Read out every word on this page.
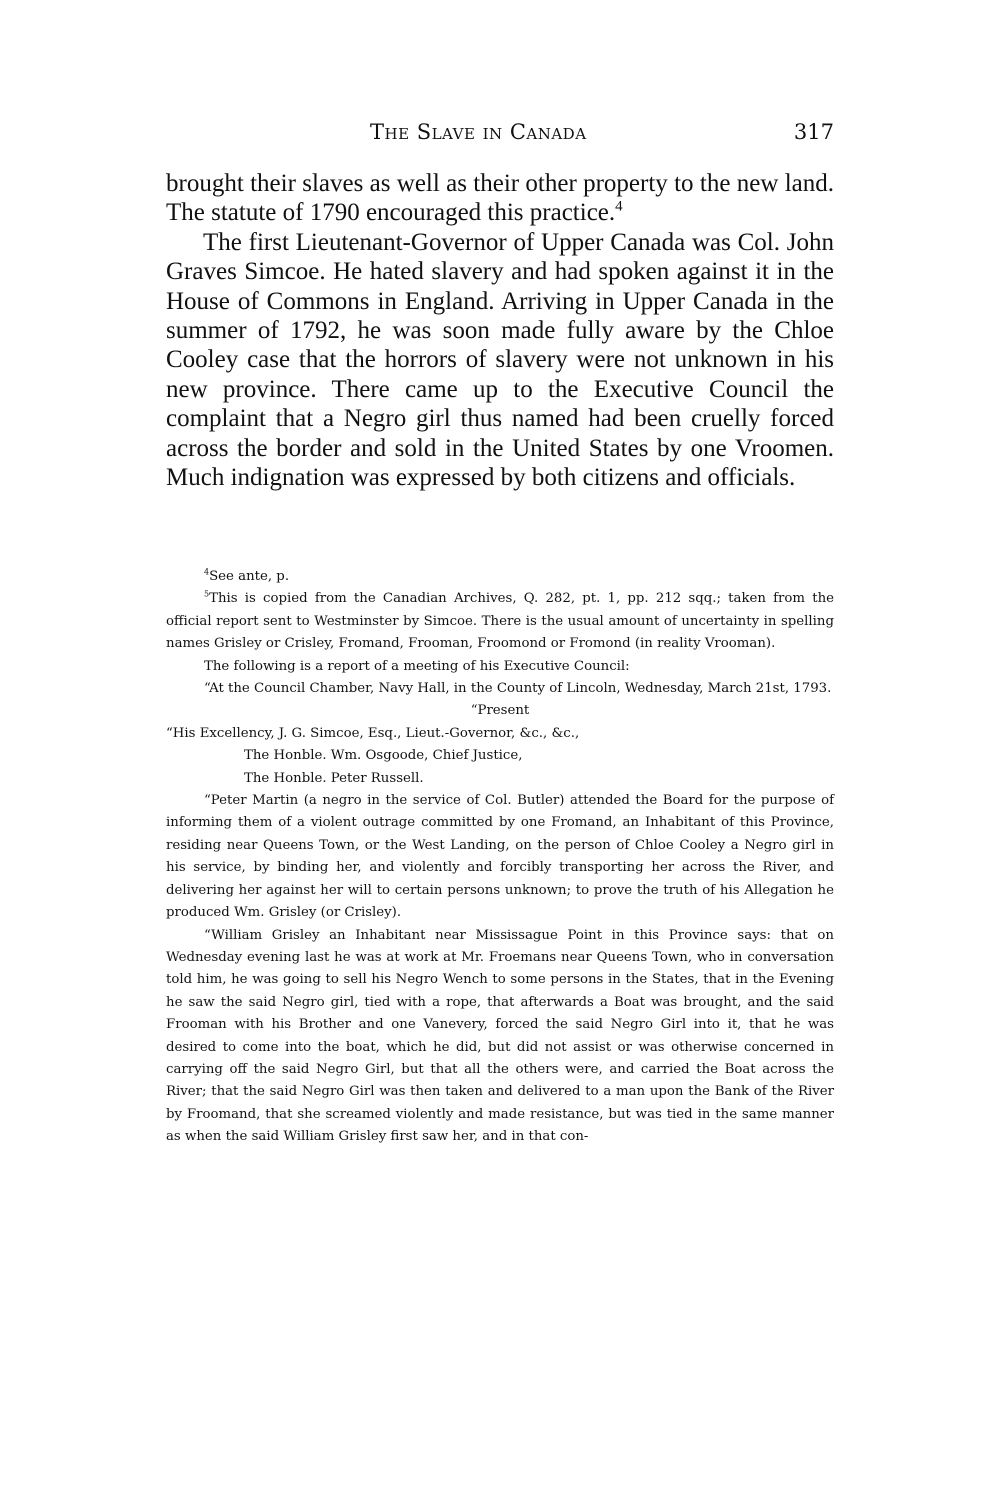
The Slave in Canada	317

brought their slaves as well as their other property to the new land. The statute of 1790 encouraged this practice.$^4$

The first Lieutenant-Governor of Upper Canada was Col. John Graves Simcoe. He hated slavery and had spoken against it in the House of Commons in England. Arriving in Upper Canada in the summer of 1792, he was soon made fully aware by the Chloe Cooley case that the horrors of slavery were not unknown in his new province. There came up to the Executive Council the complaint that a Negro girl thus named had been cruelly forced across the border and sold in the United States by one Vroomen. Much indignation was expressed by both citizens and officials.

$^4$See ante, p.

$^5$This is copied from the Canadian Archives, Q. 282, pt. 1, pp. 212 sqq.; taken from the official report sent to Westminster by Simcoe. There is the usual amount of uncertainty in spelling names Grisley or Crisley, Fromand, Frooman, Froomond or Fromond (in reality Vrooman).

The following is a report of a meeting of his Executive Council:

“At the Council Chamber, Navy Hall, in the County of Lincoln, Wednesday, March 21st, 1793.

“Present

“His Excellency, J. G. Simcoe, Esq., Lieut.-Governor, &c., &c.,

The Honble. Wm. Osgoode, Chief Justice,

The Honble. Peter Russell.

“Peter Martin (a negro in the service of Col. Butler) attended the Board for the purpose of informing them of a violent outrage committed by one Fromand, an Inhabitant of this Province, residing near Queens Town, or the West Landing, on the person of Chloe Cooley a Negro girl in his service, by binding her, and violently and forcibly transporting her across the River, and delivering her against her will to certain persons unknown; to prove the truth of his Allegation he produced Wm. Grisley (or Crisley).

“William Grisley an Inhabitant near Mississague Point in this Province says: that on Wednesday evening last he was at work at Mr. Froemans near Queens Town, who in conversation told him, he was going to sell his Negro Wench to some persons in the States, that in the Evening he saw the said Negro girl, tied with a rope, that afterwards a Boat was brought, and the said Frooman with his Brother and one Vanevery, forced the said Negro Girl into it, that he was desired to come into the boat, which he did, but did not assist or was otherwise concerned in carrying off the said Negro Girl, but that all the others were, and carried the Boat across the River; that the said Negro Girl was then taken and delivered to a man upon the Bank of the River by Froomand, that she screamed violently and made resistance, but was tied in the same manner as when the said William Grisley first saw her, and in that con-
